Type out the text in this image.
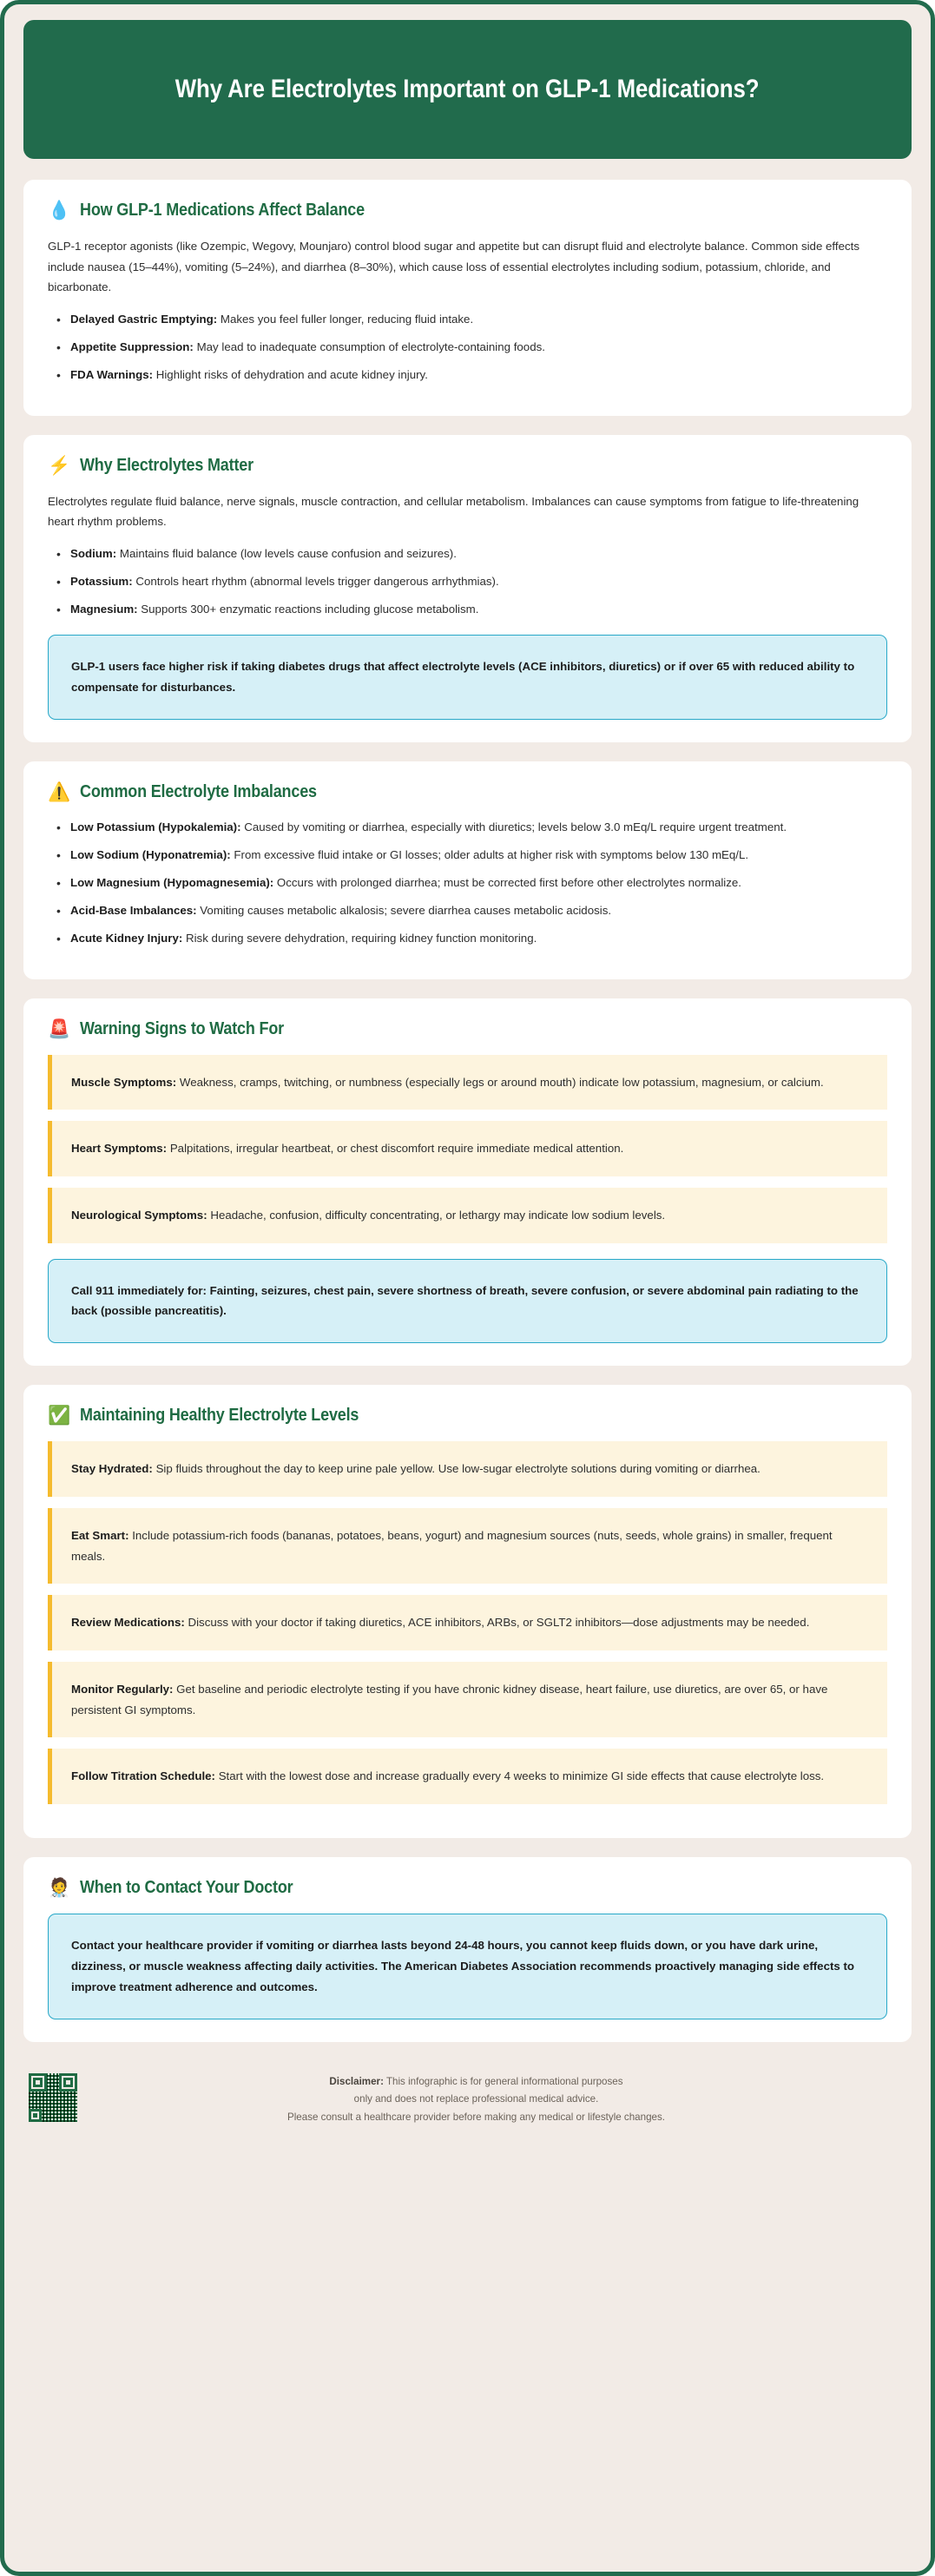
Why Are Electrolytes Important on GLP-1 Medications?
💧 How GLP-1 Medications Affect Balance

GLP-1 receptor agonists (like Ozempic, Wegovy, Mounjaro) control blood sugar and appetite but can disrupt fluid and electrolyte balance. Common side effects include nausea (15–44%), vomiting (5–24%), and diarrhea (8–30%), which cause loss of essential electrolytes including sodium, potassium, chloride, and bicarbonate.

• Delayed Gastric Emptying: Makes you feel fuller longer, reducing fluid intake.
• Appetite Suppression: May lead to inadequate consumption of electrolyte-containing foods.
• FDA Warnings: Highlight risks of dehydration and acute kidney injury.
⚡ Why Electrolytes Matter

Electrolytes regulate fluid balance, nerve signals, muscle contraction, and cellular metabolism. Imbalances can cause symptoms from fatigue to life-threatening heart rhythm problems.

• Sodium: Maintains fluid balance (low levels cause confusion and seizures).
• Potassium: Controls heart rhythm (abnormal levels trigger dangerous arrhythmias).
• Magnesium: Supports 300+ enzymatic reactions including glucose metabolism.
GLP-1 users face higher risk if taking diabetes drugs that affect electrolyte levels (ACE inhibitors, diuretics) or if over 65 with reduced ability to compensate for disturbances.
⚠️ Common Electrolyte Imbalances
• Low Potassium (Hypokalemia): Caused by vomiting or diarrhea, especially with diuretics; levels below 3.0 mEq/L require urgent treatment.
• Low Sodium (Hyponatremia): From excessive fluid intake or GI losses; older adults at higher risk with symptoms below 130 mEq/L.
• Low Magnesium (Hypomagnesemia): Occurs with prolonged diarrhea; must be corrected first before other electrolytes normalize.
• Acid-Base Imbalances: Vomiting causes metabolic alkalosis; severe diarrhea causes metabolic acidosis.
• Acute Kidney Injury: Risk during severe dehydration, requiring kidney function monitoring.
🚨 Warning Signs to Watch For
Muscle Symptoms: Weakness, cramps, twitching, or numbness (especially legs or around mouth) indicate low potassium, magnesium, or calcium.
Heart Symptoms: Palpitations, irregular heartbeat, or chest discomfort require immediate medical attention.
Neurological Symptoms: Headache, confusion, difficulty concentrating, or lethargy may indicate low sodium levels.
Call 911 immediately for: Fainting, seizures, chest pain, severe shortness of breath, severe confusion, or severe abdominal pain radiating to the back (possible pancreatitis).
✅ Maintaining Healthy Electrolyte Levels
Stay Hydrated: Sip fluids throughout the day to keep urine pale yellow. Use low-sugar electrolyte solutions during vomiting or diarrhea.
Eat Smart: Include potassium-rich foods (bananas, potatoes, beans, yogurt) and magnesium sources (nuts, seeds, whole grains) in smaller, frequent meals.
Review Medications: Discuss with your doctor if taking diuretics, ACE inhibitors, ARBs, or SGLT2 inhibitors—dose adjustments may be needed.
Monitor Regularly: Get baseline and periodic electrolyte testing if you have chronic kidney disease, heart failure, use diuretics, are over 65, or have persistent GI symptoms.
Follow Titration Schedule: Start with the lowest dose and increase gradually every 4 weeks to minimize GI side effects that cause electrolyte loss.
🧑‍⚕️ When to Contact Your Doctor
Contact your healthcare provider if vomiting or diarrhea lasts beyond 24-48 hours, you cannot keep fluids down, or you have dark urine, dizziness, or muscle weakness affecting daily activities. The American Diabetes Association recommends proactively managing side effects to improve treatment adherence and outcomes.
Disclaimer: This infographic is for general informational purposes
only and does not replace professional medical advice.
Please consult a healthcare provider before making any medical or lifestyle changes.
